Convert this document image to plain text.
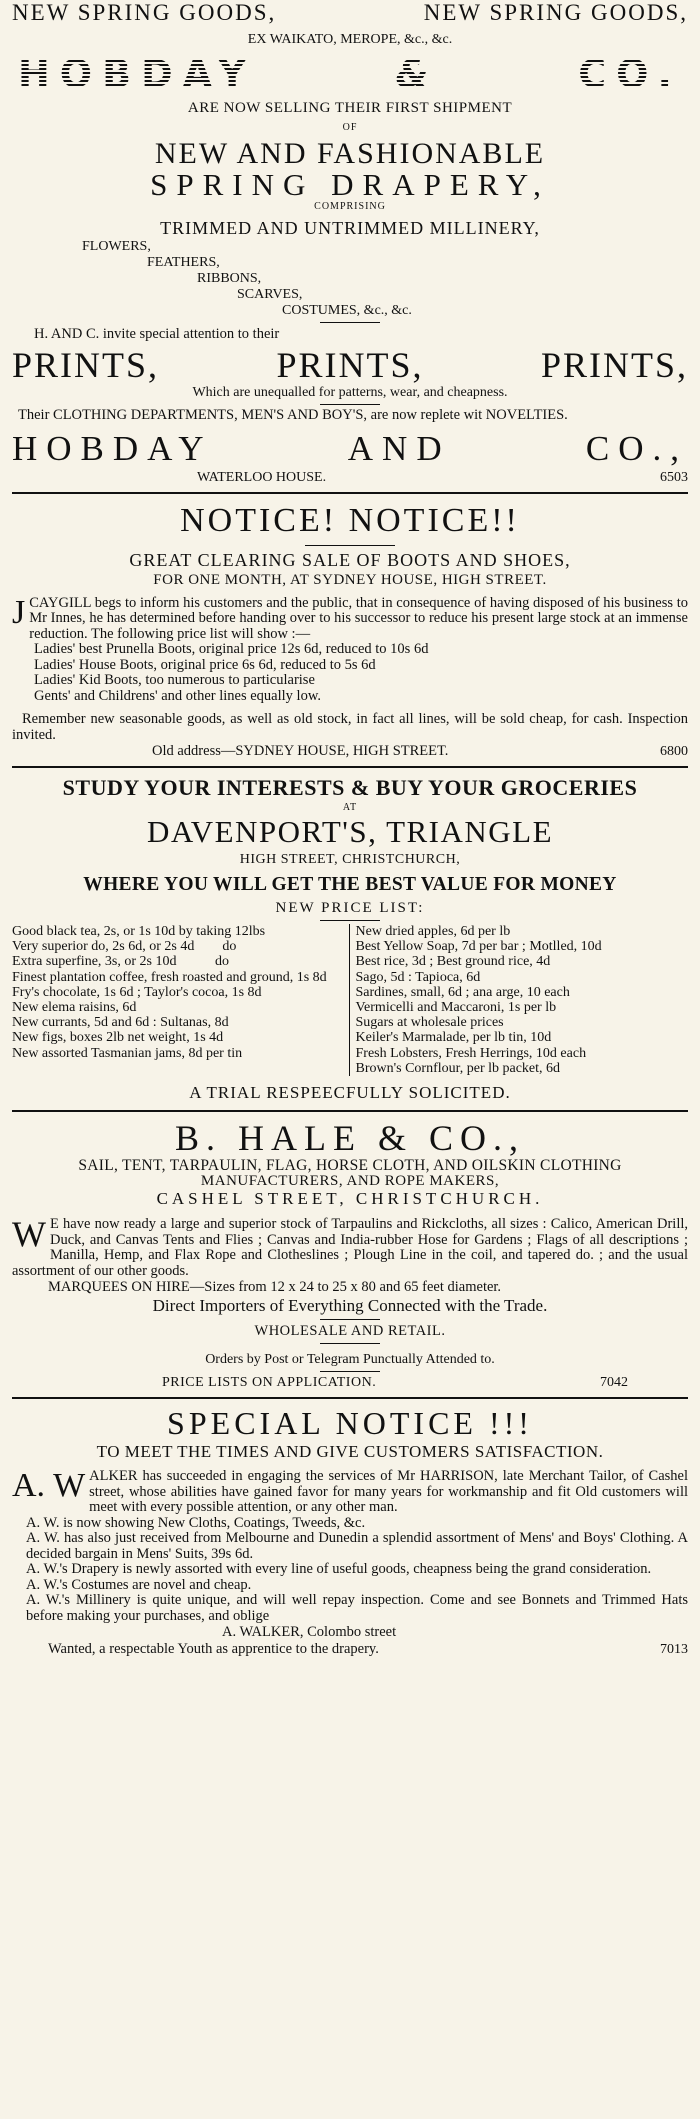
NEW SPRING GOODS,	NEW SPRING GOODS,
EX WAIKATO, MEROPE, &c., &c.
HOBDAY	&	CO.
ARE NOW SELLING THEIR FIRST SHIPMENT
OF
NEW AND FASHIONABLE
SPRING DRAPERY,
COMPRISING
TRIMMED AND UNTRIMMED MILLINERY,
FLOWERS,
FEATHERS,
RIBBONS,
SCARVES,
COSTUMES, &c., &c.
H. AND C. invite special attention to their
PRINTS,	PRINTS,	PRINTS,
Which are unequalled for patterns, wear, and cheapness.
Their CLOTHING DEPARTMENTS, MEN'S AND BOY'S, are now replete wit NOVELTIES.
HOBDAY	AND	CO.,
WATERLOO HOUSE.	6503
NOTICE! NOTICE!!
GREAT CLEARING SALE OF BOOTS AND SHOES,
FOR ONE MONTH, AT SYDNEY HOUSE, HIGH STREET.
J CAYGILL begs to inform his customers and the public, that in consequence of having disposed of his business to Mr Innes, he has determined before handing over to his successor to reduce his present large stock at an immense reduction. The following price list will show :—
Ladies' best Prunella Boots, original price 12s 6d, reduced to 10s 6d
Ladies' House Boots, original price 6s 6d, reduced to 5s 6d
Ladies' Kid Boots, too numerous to particularise
Gents' and Childrens' and other lines equally low.
Remember new seasonable goods, as well as old stock, in fact all lines, will be sold cheap, for cash. Inspection invited.
Old address—SYDNEY HOUSE, HIGH STREET.	6800
STUDY YOUR INTERESTS & BUY YOUR GROCERIES
AT
DAVENPORT'S, TRIANGLE
HIGH STREET, CHRISTCHURCH,
WHERE YOU WILL GET THE BEST VALUE FOR MONEY
NEW PRICE LIST:
Good black tea, 2s, or 1s 10d by taking 12lbs
Very superior do, 2s 6d, or 2s 4d        do
Extra superfine, 3s, or 2s 10d           do
Finest plantation coffee, fresh roasted and ground, 1s 8d
Fry's chocolate, 1s 6d ; Taylor's cocoa, 1s 8d
New elema raisins, 6d
New currants, 5d and 6d : Sultanas, 8d
New figs, boxes 2lb net weight, 1s 4d
New assorted Tasmanian jams, 8d per tin
New dried apples, 6d per lb
Best Yellow Soap, 7d per bar ; Motlled, 10d
Best rice, 3d ; Best ground rice, 4d
Sago, 5d : Tapioca, 6d
Sardines, small, 6d ; ana arge, 10 each
Vermicelli and Maccaroni, 1s per lb
Sugars at wholesale prices
Keiler's Marmalade, per lb tin, 10d
Fresh Lobsters, Fresh Herrings, 10d each
Brown's Cornflour, per lb packet, 6d
A TRIAL RESPEECFULLY SOLICITED.
B. HALE & CO.,
SAIL, TENT, TARPAULIN, FLAG, HORSE CLOTH, AND OILSKIN CLOTHING
MANUFACTURERS, AND ROPE MAKERS,
CASHEL STREET, CHRISTCHURCH.
W E have now ready a large and superior stock of Tarpaulins and Rickcloths, all sizes : Calico, American Drill, Duck, and Canvas Tents and Flies ; Canvas and India-rubber Hose for Gardens ; Flags of all descriptions ; Manilla, Hemp, and Flax Rope and Clotheslines ; Plough Line in the coil, and tapered do. ; and the usual assortment of our other goods.
MARQUEES ON HIRE—Sizes from 12 x 24 to 25 x 80 and 65 feet diameter.
Direct Importers of Everything Connected with the Trade.
WHOLESALE AND RETAIL.
Orders by Post or Telegram Punctually Attended to.
PRICE LISTS ON APPLICATION.	7042
SPECIAL NOTICE !!!
TO MEET THE TIMES AND GIVE CUSTOMERS SATISFACTION.
A. W ALKER has succeeded in engaging the services of Mr HARRISON, late Merchant Tailor, of Cashel street, whose abilities have gained favor for many years for workmanship and fit Old customers will meet with every possible attention, or any other man.
A. W. is now showing New Cloths, Coatings, Tweeds, &c.
A. W. has also just received from Melbourne and Dunedin a splendid assortment of Mens' and Boys' Clothing. A decided bargain in Mens' Suits, 39s 6d.
A. W.'s Drapery is newly assorted with every line of useful goods, cheapness being the grand consideration.
A. W.'s Costumes are novel and cheap.
A. W.'s Millinery is quite unique, and will well repay inspection. Come and see Bonnets and Trimmed Hats before making your purchases, and oblige
A. WALKER, Colombo street
Wanted, a respectable Youth as apprentice to the drapery.	7013
